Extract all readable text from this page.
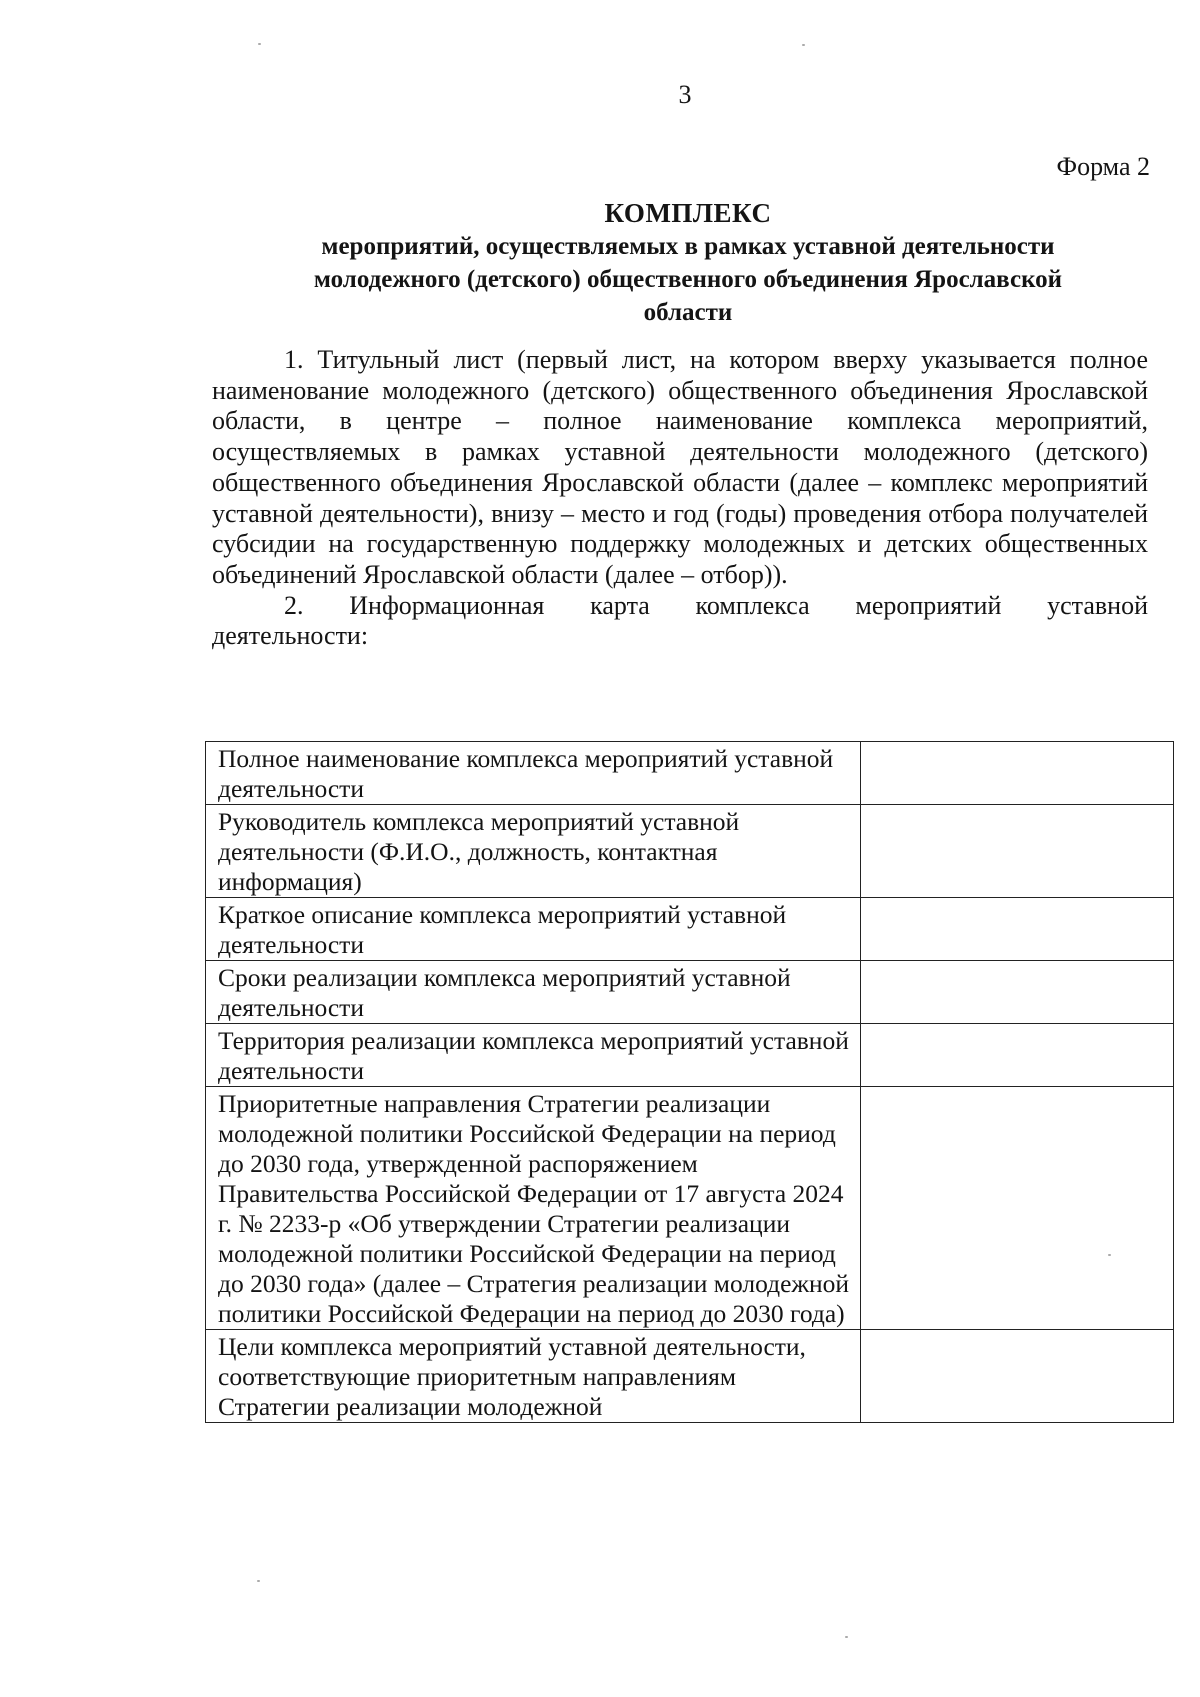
3
Форма 2
КОМПЛЕКС
мероприятий, осуществляемых в рамках уставной деятельности
молодежного (детского) общественного объединения Ярославской
области

1. Титульный лист (первый лист, на котором вверху указывается полное наименование молодежного (детского) общественного объединения Ярославской области, в центре – полное наименование комплекса мероприятий, осуществляемых в рамках уставной деятельности молодежного (детского) общественного объединения Ярославской области (далее – комплекс мероприятий уставной деятельности), внизу – место и год (годы) проведения отбора получателей субсидии на государственную поддержку молодежных и детских общественных объединений Ярославской области (далее – отбор)).

2. Информационная карта комплекса мероприятий уставной

деятельности:

Полное наименование комплекса мероприятий уставной деятельности	
Руководитель комплекса мероприятий уставной деятельности (Ф.И.О., должность, контактная информация)	
Краткое описание комплекса мероприятий уставной деятельности	
Сроки реализации комплекса мероприятий уставной деятельности	
Территория реализации комплекса мероприятий уставной деятельности	
Приоритетные направления Стратегии реализации молодежной политики Российской Федерации на период до 2030 года, утвержденной распоряжением Правительства Российской Федерации от 17 августа 2024 г. № 2233-р «Об утверждении Стратегии реализации молодежной политики Российской Федерации на период до 2030 года» (далее – Стратегия реализации молодежной политики Российской Федерации на период до 2030 года)	
Цели комплекса мероприятий уставной деятельности, соответствующие приоритетным направлениям Стратегии реализации молодежной	
